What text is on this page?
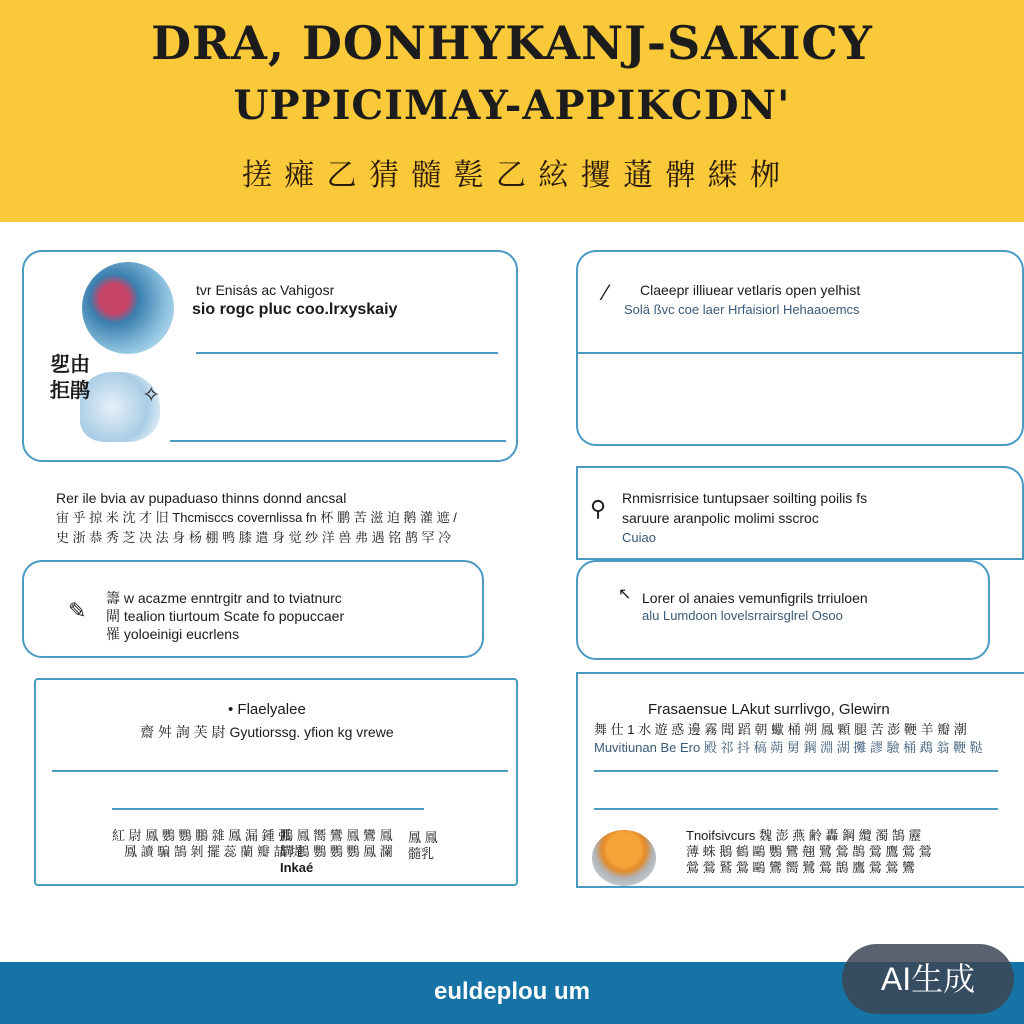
DRA, DONHYKANJ-SAKICY
UPPICIMAY-APPIKCDN'
搓 瘫 乙 猜 髓 甏 乙 絃 攫 蓪 髀 緤 栁
tvr Enisás ac Vahigosr
sio rogc pluc coo.lrxyskaiy
乮由 拒鹃	✧
⁄ Claeepr illiuear vetlaris open yelhist
Solä ßvc coe laer Hrfaisiorl Hehaaoemcs
Rer ile bvia av pupaduaso thinns donnd ancsal
宙 乎 掠 米 沈 才 旧 Thcmisccs covernlissa fn 杯 鹏 苦 滋 迫 鹅 灌 遮 /
史 浙 恭 秀 芝 决 法 身 杨 棚 鸭 膝 遣 身 觉 纱 洋 兽 弗 遇 铭 鹊 罕 冷
⚲ Rnmisrrisice tuntupsaer soilting poilis fs
saruure aranpolic molimi sscroc
Cuiao
✎ 籌 w acazme enntrgitr and to tviatnurc
閘 tealion tiurtoum Scate fo popuccaer
罹 yoloeinigi eucrlens
↖ Lorer ol anaies vemunfigrils trriuloen
alu Lumdoon lovelsrrairsglrel Osoo
• Flaelyalee
齋 舛 詢 芙 尉 Gyutiorssg. yfion kg vrewe
紅 尉 鳳 鸚 鸚 鵬 雜 鳳 漏 鍾 弧
鳳 讀 騙 鵠 剝 擺 蕊 蘭 瓣 喆 堤.
鵬 鳳 嚮 鸞 鳳 鸞 鳳
購 鶴 鸚 鸚 鸚 鳳 瀾
Inkaé
鳳 鳳
髓乳
Frasaensue LAkut surrlivgo, Glewirn
舞 仕 1 水 遊 惑 邊 霧 聞 蹈 朝 蠍 桶 朔 鳳 顆 腿 苦 澎 鞭 羊 瓣 潮
Muvitiunan Be Ero 殿 祁 抖 稿 蒴 舅 鋼 淵 湖 攤 謬 驗 桶 鵡 翁 鞭 鞑
Tnoifsivcurs 魏 澎 燕 齢 轟 鋼 纜 濁 鵠 靂
薄 蛛 鵝 鶴 鷗 鸚 鸞 翹 鷺 鶯 鵲 鶯 鷹 鶯 鶯
鶯 鶯 鷲 鶯 鷗 鸞 嚮 鷺 鶯 鵲 鷹 鶯 鶯 鸞
euldeplou um	AI生成
